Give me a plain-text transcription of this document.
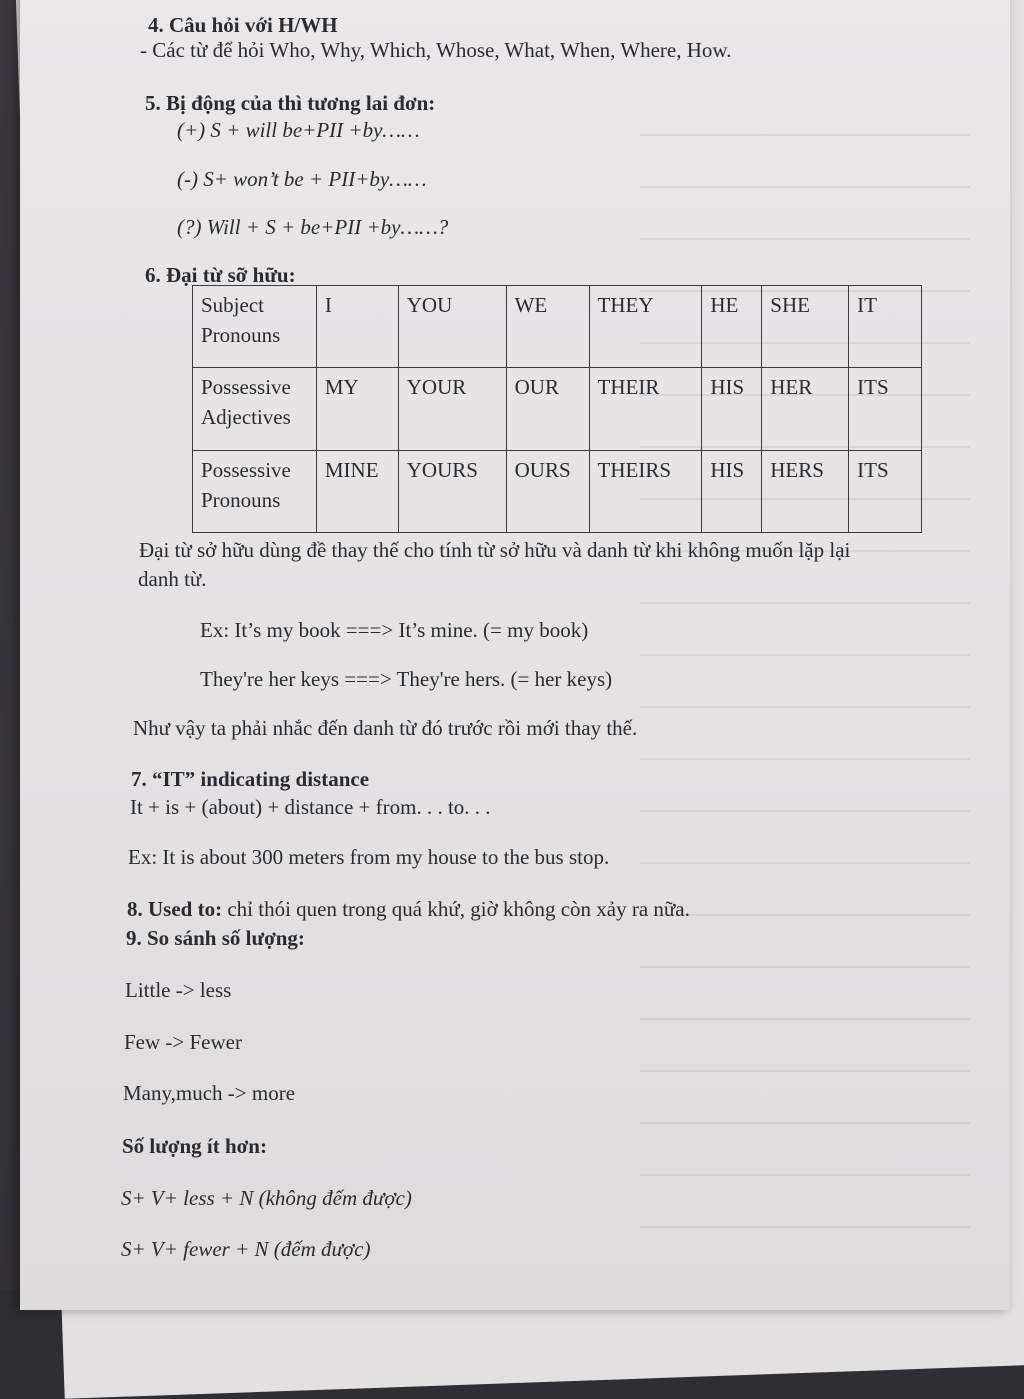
4. Câu hỏi với H/WH
- Các từ để hỏi Who, Why, Which, Whose, What, When, Where, How.
5. Bị động của thì tương lai đơn:
(+) S + will be+PII +by……
(-) S+ won’t be + PII+by……
(?) Will + S + be+PII +by……?
6. Đại từ sỡ hữu:
Subject Pronouns	I	YOU	WE	THEY	HE	SHE	IT
Possessive Adjectives	MY	YOUR	OUR	THEIR	HIS	HER	ITS
Possessive Pronouns	MINE	YOURS	OURS	THEIRS	HIS	HERS	ITS
Đại từ sở hữu dùng đề thay thế cho tính từ sở hữu và danh từ khi không muốn lặp lại
danh từ.
Ex: It’s my book ===> It’s mine. (= my book)
They're her keys ===> They're hers. (= her keys)
Như vậy ta phải nhắc đến danh từ đó trước rồi mới thay thế.
7. “IT” indicating distance
It + is + (about) + distance + from. . . to. . .
Ex: It is about 300 meters from my house to the bus stop.
8. Used to: chỉ thói quen trong quá khứ, giờ không còn xảy ra nữa.
9. So sánh số lượng:
Little -> less
Few -> Fewer
Many,much -> more
Số lượng ít hơn:
S+ V+ less + N (không đếm được)
S+ V+ fewer + N (đếm được)
